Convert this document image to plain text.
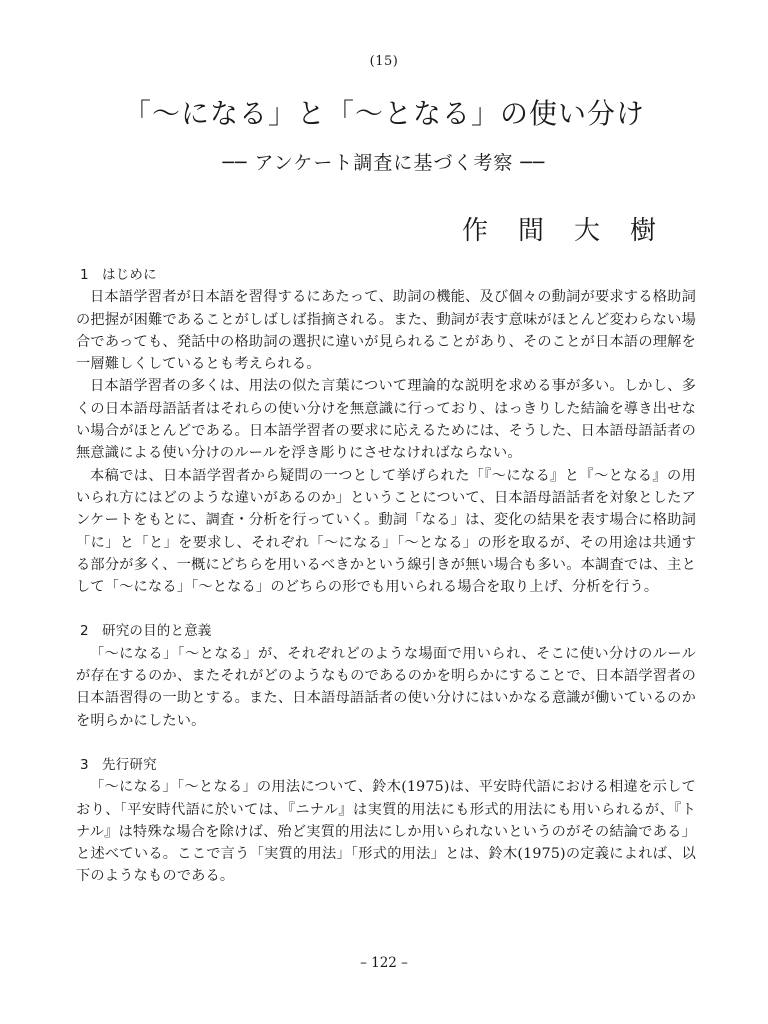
(15)
「〜になる」と「〜となる」の使い分け
── アンケート調査に基づく考察 ──
作間大樹

1 はじめに

日本語学習者が日本語を習得するにあたって、助詞の機能、及び個々の動詞が要求する格助詞の把握が困難であることがしばしば指摘される。また、動詞が表す意味がほとんど変わらない場合であっても、発話中の格助詞の選択に違いが見られることがあり、そのことが日本語の理解を一層難しくしているとも考えられる。

日本語学習者の多くは、用法の似た言葉について理論的な説明を求める事が多い。しかし、多くの日本語母語話者はそれらの使い分けを無意識に行っており、はっきりした結論を導き出せない場合がほとんどである。日本語学習者の要求に応えるためには、そうした、日本語母語話者の無意識による使い分けのルールを浮き彫りにさせなければならない。

本稿では、日本語学習者から疑問の一つとして挙げられた「『〜になる』と『〜となる』の用いられ方にはどのような違いがあるのか」ということについて、日本語母語話者を対象としたアンケートをもとに、調査・分析を行っていく。動詞「なる」は、変化の結果を表す場合に格助詞「に」と「と」を要求し、それぞれ「〜になる」「〜となる」の形を取るが、その用途は共通する部分が多く、一概にどちらを用いるべきかという線引きが無い場合も多い。本調査では、主として「〜になる」「〜となる」のどちらの形でも用いられる場合を取り上げ、分析を行う。

2 研究の目的と意義

「〜になる」「〜となる」が、それぞれどのような場面で用いられ、そこに使い分けのルールが存在するのか、またそれがどのようなものであるのかを明らかにすることで、日本語学習者の日本語習得の一助とする。また、日本語母語話者の使い分けにはいかなる意識が働いているのかを明らかにしたい。

3 先行研究

「〜になる」「〜となる」の用法について、鈴木(1975)は、平安時代語における相違を示しており、「平安時代語に於いては、『ニナル』は実質的用法にも形式的用法にも用いられるが、『トナル』は特殊な場合を除けば、殆ど実質的用法にしか用いられないというのがその結論である」と述べている。ここで言う「実質的用法」「形式的用法」とは、鈴木(1975)の定義によれば、以下のようなものである。

– 122 –
